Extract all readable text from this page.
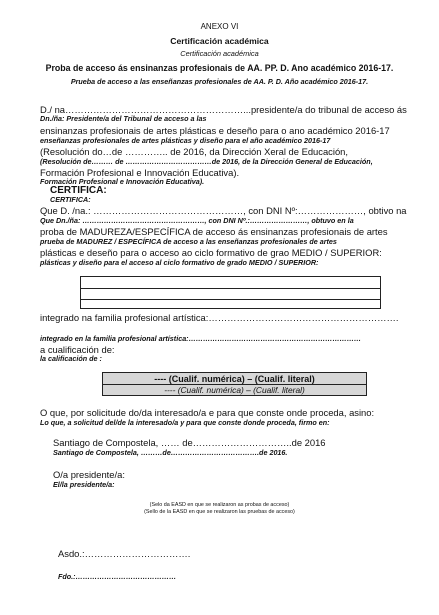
ANEXO VI
Certificación académica
Certificación académica
Proba de acceso ás ensinanzas profesionais de AA. PP. D. Ano académico 2016-17.
Prueba de acceso a las enseñanzas profesionales de AA. P. D. Año académico 2016-17.
D./ na…………………………………………………...presidente/a do tribunal de acceso ás
Dn./ña: Presidente/a del Tribunal de acceso a las
ensinanzas profesionais de artes plásticas e deseño para o ano académico 2016-17
enseñanzas profesionales de artes plásticas y diseño para el año académico 2016-17
(Resolución do…de ………….. de 2016, da Dirección Xeral de Educación,
(Resolución de……… de ………………………………de 2016, de la Dirección General de Educación,
Formación Profesional e Innovación Educativa).
Formación Profesional e Innovación Educativa).
CERTIFICA:
CERTIFICA:
Que D. /na.: …………………………………………, con DNI Nº:…………………, obtivo na
Que Dn./ña: ……………………………………………, con DNI Nº.:……………………, obtuvo en la
proba de MADUREZA/ESPECÍFICA de acceso ás ensinanzas profesionais de artes
prueba de MADUREZ / ESPECÍFICA de acceso a las enseñanzas profesionales de artes
plásticas e deseño para o acceso ao ciclo formativo de grao MEDIO / SUPERIOR:
plásticas y diseño para el acceso al ciclo formativo de grado MEDIO / SUPERIOR:
integrado na familia profesional artística:…………………………………………………….
integrado en la familia profesional artística:………………………………………………………………
a cualificación de:
la calificación de :
---- (Cualif. numérica) – (Cualif. literal)
---- (Cualif. numérica) – (Cualif. literal)
O que, por solicitude do/da interesado/a e para que conste onde proceda, asino:
Lo que, a solicitud del/de la interesado/a y para que conste donde proceda, firmo en:
Santiago de Compostela, …… de…………………………..de 2016
Santiago de Compostela, ………de……………………………….de 2016.
O/a presidente/a:
El/la presidente/a:
(Selo da EASD en que se realizaron as probas de acceso)
(Sello de la EASD en que se realizaron las pruebas de acceso)
Asdo.:…………………………….
Fdo.:……………………………………
